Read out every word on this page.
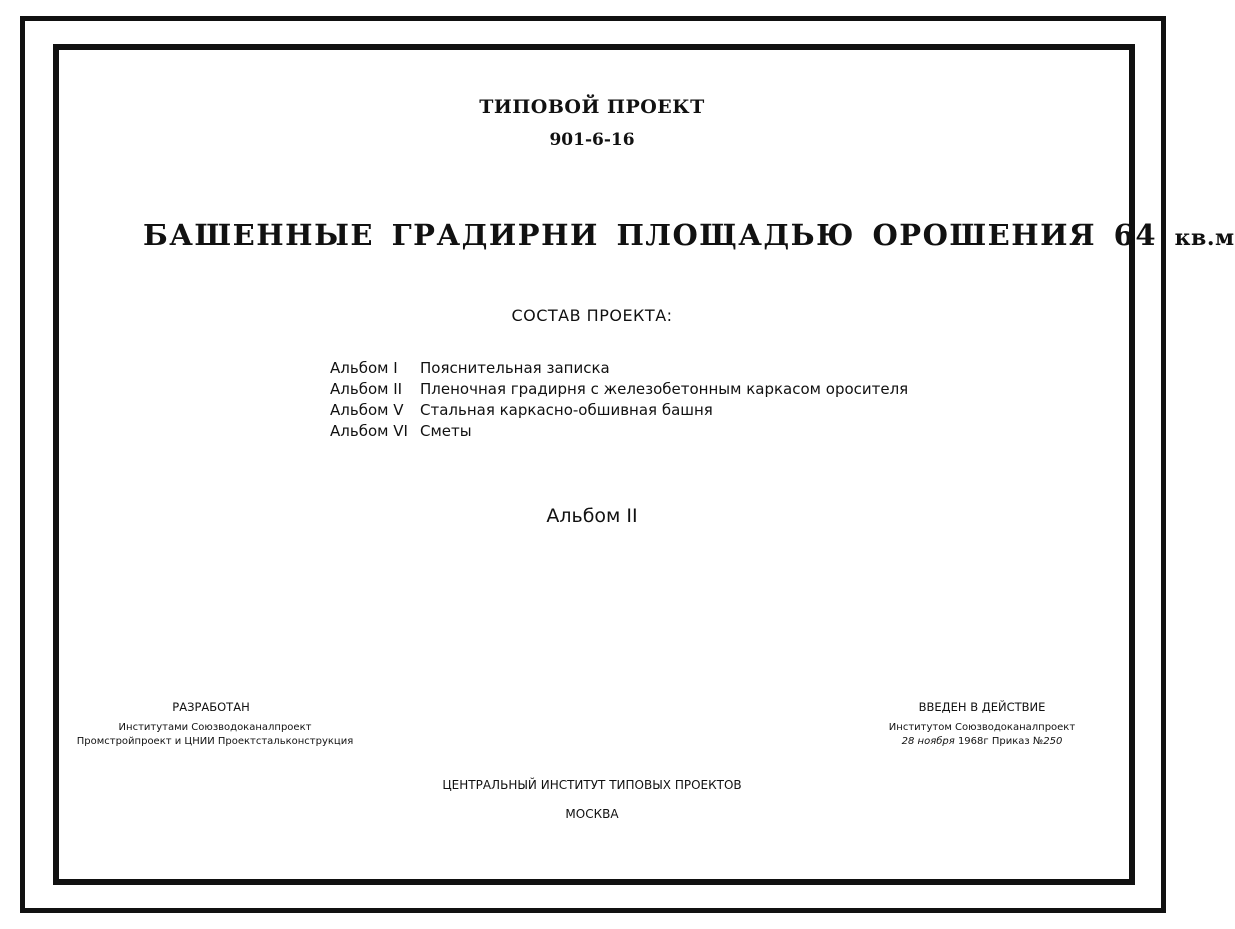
ТИПОВОЙ ПРОЕКТ
901-6-16
БАШЕННЫЕ ГРАДИРНИ ПЛОЩАДЬЮ ОРОШЕНИЯ 64 кв.м
СОСТАВ ПРОЕКТА:
Альбом I	Пояснительная записка
Альбом II	Пленочная градирня с железобетонным каркасом оросителя
Альбом V	Стальная каркасно-обшивная башня
Альбом VI Сметы
Альбом II
РАЗРАБОТАН
Институтами Союзводоканалпроект
Промстройпроект и ЦНИИ Проектстальконструкция
ВВЕДЕН В ДЕЙСТВИЕ
Институтом Союзводоканалпроект
28 ноября 1968г Приказ №250
ЦЕНТРАЛЬНЫЙ ИНСТИТУТ ТИПОВЫХ ПРОЕКТОВ
МОСКВА
